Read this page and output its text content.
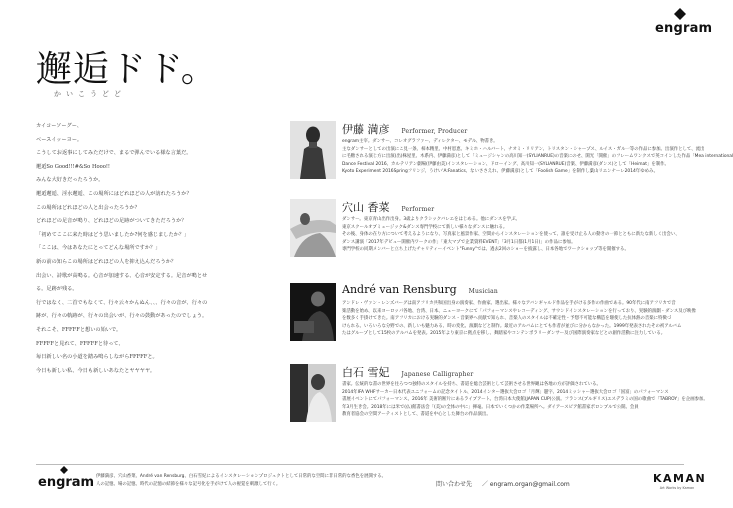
engram
邂逅ドド。
かいこうどど
カイコーソーグー、
ベースイッーヨー。
こうしてお返事にしてみただけで、まるで弾んでいる様な言葉だ。
邂逅So Good!!!#&So Hooo!!
みんな大好きだったろうか。
邂逅邂逅、淫水邂逅、この場所にはどれほどの人が訪れたろうか？
この場所はどれほどの人と出会ったろうか？
どれほどの足音が鳴り、どれほどの足跡がついてきただろうか？
「初めてここに来た時はどう思いましたか?何を感じましたか？」
「ここは、今はあなたにとってどんな場所ですか？」
新の前の知らこの場所はどれほどの人を抑え込んだろうか？
出会い、詩歌が高鳴る。心音が加速する、心音が安定する。足音が鳴とせ
る。足跡が残る。
行ではなく、二首でもなくて、行々云々かんぬん、、、行々の音が、行々の
跡が、行々の軌跡が、行々の出会いが、行々の鼓動があったのでしょう。
それこそ、FFFFFと想いの始いで。
FFFFFと見れて、FFFFFと待って、
毎日新しい名の小道を踏み鳴らしながらFFFFFと。
今日も新しい私、今日も新しいあなたとヤヤヤヤ。
伊藤 満彦 Performer, Producer
engram主宰。ダンサー、コレオグラファー、ディレクター、モデル、物書き。
主なダンサーとしての出演にこ見一条、柿本精里、中村恩恵、キミホ・ハルバート、ナオミ・リリアン、トリスタン・シャープス、ルイス・ガル一等の作品に参加。出演作として、流出
に毛糖される演じ方に出演(出)株屋里、木系内、伊藤満彦)として「ミュージシャンの高川知一(SYLIANRUE)の音楽にのせ、開光「開催」のフレームワンクスで英コインした作品「Mea international
Dance Festival 2016、カルテリアン劇場(伊藤由美)インスタレーション、ドローイング、高川知一(SYLIANRUE)音楽、伊藤満彦(ダンス)として「Heimat」を制作。
Kyoto Experiment 2016Springフリンジ、うけい'A:Fanatics、ないささえれ、伊藤満彦)として「Foolish Game」を制作し葉山リエンナーレ2014年ゆめみ。
穴山 香菜 Performer
ダンサー。東京青山出作出身。3歳よりクラシックバレエをはじめる。他にダンスを学ぶ。
東京スクールオブミュージック&ダンス専門学校にて新しい様々なダンスに触れる。
その後、身体の在り方について考えるようになり、写真家と風景作家、空間からインスタレーションを使って、誰を受け止る人の動きの一節とともに新たな新しく出会い、
ダンス講演「2017年デビュー開催内ワークの作」「東大マプで企業資料EVENT」「3月1日都(1月1日)」の作品に参加。
専門学校の同期メンバーと立ち上げたチャリティーイベント"Funny"では、過去2回のショーを披露し、日本各地でワークショップ等を開催する。
André van Rensburg Musician
アンドレ・ヴァン・レンズバーグは南アフリカ共和国出身の演奏家、作曲家、選出家。様々なアバンギャルド作品を手がける多作の作曲である。90年代に南アフリカで音
楽活動を始め、以来ヨーロッパ各地、台湾、日本、ニューヨークにて「パフォーマンスやレコーディング、サウンドインスタレーションを行っており、実験的演劇・ダンス及び映像
を数多く手掛けてきた。南アフリカにおける実験的ダンス・音楽界へ貢献で知られ、音楽人のスタイルは不確定性・予想不可能な構造を駆使した抗体熱の音楽に特徴づ
けられる。いろいろな分野での、新しいも魅力ある、時の変化、演劇などと制作。最近のアルバムにとても作者が並びに分からなかった。1999年発表されたその初アルバム
たはグループとして15枚のアルバムを発表。2015年より東京に拠点を移し、舞踏家やコンテンポラリーダンサー及び国際演奏家などとの創作活動に注力している。
白石 雪妃 Japanese Calligrapher
書家。伝統的な書の世界を往ろつつ独特のスタイルを持ち、書道を総合芸術として芸術させる世界観は各地の方が評価されている。
2014年IFA WHFサーカー日本代表ユニフォームの記念タイトル、2014インター選抜大会ロゴ「月輝」題字、2014ミッシャー選抜大会ロゴ「国富」のパフォーマンス
書展イベントにてパフォーマンス。2016年 美術的断片にあるライブアート。台湾日本大使館(JAPAN CUP)公演。フランス(ブルギリス)エスデラミの国の歌曲で「TABROY」を企画参加。
年3月生き会。2018年には米で(仏)館書法会「(美)の全体の中に」揮毫。日本でいくつかの作業場所へ。ダイアースピア館書家ポロンブルで公開。会員
教育者協会の空間アーティストとして、書道を中心とした舞台の作品演出。
engram 伊藤満彦、穴山香菜、André van Rensburg、白石雪妃によるインスタレーションプロジェクトとして日常的な空間に非日常的な香色を展開する。
人の記憶、場の記憶、時代の記憶の結節を様々な記号化を手がけて人の視覚を刺激して行く。	問い合わせ先 ／ engram.organ@gmail.com	KAMAN
Art Works by Kaman
